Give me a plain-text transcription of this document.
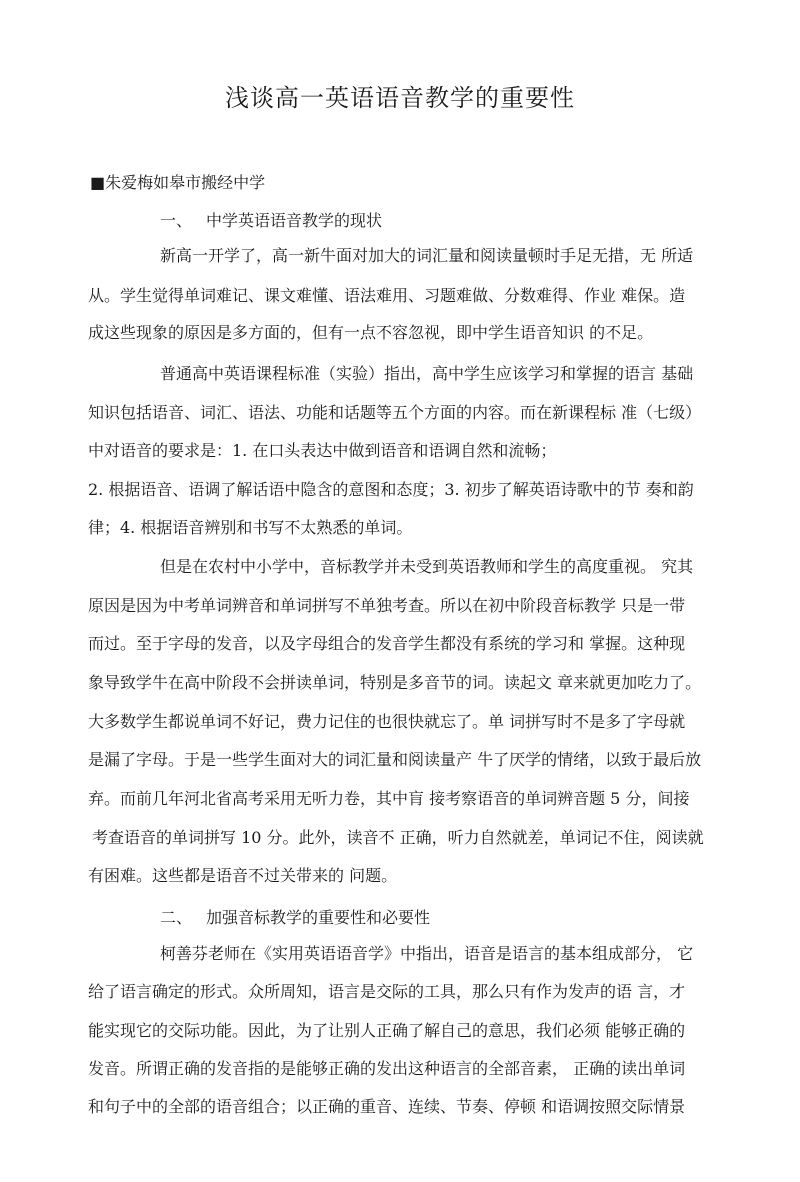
浅谈高一英语语音教学的重要性
■朱爱梅如皋市搬经中学
一、 中学英语语音教学的现状
新高一开学了，高一新牛面对加大的词汇量和阅读量顿时手足无措，无 所适
从。学生觉得单词难记、课文难懂、语法难用、习题难做、分数难得、作业 难保。造
成这些现象的原因是多方面的，但有一点不容忽视，即中学生语音知识 的不足。
普通高中英语课程标准（实验）指出，高中学生应该学习和掌握的语言 基础
知识包括语音、词汇、语法、功能和话题等五个方面的内容。而在新课程标 准（七级）
中对语音的要求是：1. 在口头表达中做到语音和语调自然和流畅；
2. 根据语音、语调了解话语中隐含的意图和态度；3. 初步了解英语诗歌中的节 奏和韵
律；4. 根据语音辨别和书写不太熟悉的单词。
但是在农村中小学中，音标教学并未受到英语教师和学生的高度重视。 究其
原因是因为中考单词辨音和单词拼写不单独考查。所以在初中阶段音标教学 只是一带
而过。至于字母的发音，以及字母组合的发音学生都没有系统的学习和 掌握。这种现
象导致学牛在高中阶段不会拼读单词，特别是多音节的词。读起文 章来就更加吃力了。
大多数学生都说单词不好记，费力记住的也很快就忘了。单 词拼写时不是多了字母就
是漏了字母。于是一些学生面对大的词汇量和阅读量产 牛了厌学的情绪，以致于最后放
弃。而前几年河北省高考采用无听力卷，其中肓 接考察语音的单词辨音题 5 分，间接
考查语音的单词拼写 10 分。此外，读音不 正确，听力自然就差，单词记不住，阅读就
有困难。这些都是语音不过关带来的 问题。
二、 加强音标教学的重要性和必要性
柯善芬老师在《实用英语语音学》中指出，语音是语言的基本组成部分， 它
给了语言确定的形式。众所周知，语言是交际的工具，那么只有作为发声的语 言，才
能实现它的交际功能。因此，为了让别人正确了解自己的意思，我们必须 能够正确的
发音。所谓正确的发音指的是能够正确的发出这种语言的全部音素， 正确的读出单词
和句子中的全部的语音组合；以正确的重音、连续、节奏、停顿 和语调按照交际情景
